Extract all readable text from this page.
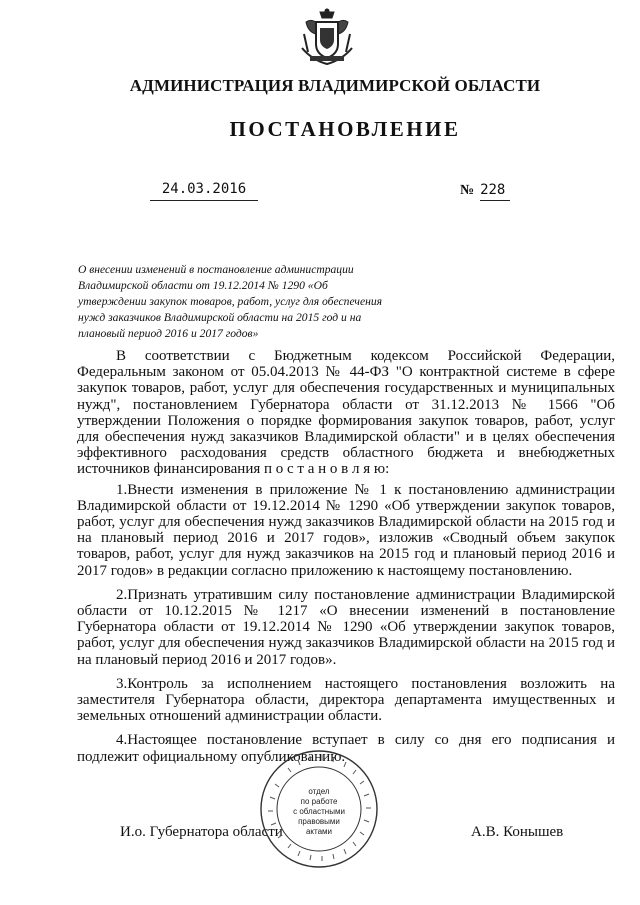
АДМИНИСТРАЦИЯ ВЛАДИМИРСКОЙ ОБЛАСТИ
ПОСТАНОВЛЕНИЕ
24.03.2016	№ 228
О внесении изменений в постановление администрации Владимирской области от 19.12.2014 № 1290 «Об утверждении закупок товаров, работ, услуг для обеспечения нужд заказчиков Владимирской области на 2015 год и на плановый период 2016 и 2017 годов»

В соответствии с Бюджетным кодексом Российской Федерации, Федеральным законом от 05.04.2013 № 44-ФЗ "О контрактной системе в сфере закупок товаров, работ, услуг для обеспечения государственных и муниципальных нужд", постановлением Губернатора области от 31.12.2013 № 1566 "Об утверждении Положения о порядке формирования закупок товаров, работ, услуг для обеспечения нужд заказчиков Владимирской области" и в целях обеспечения эффективного расходования средств областного бюджета и внебюджетных источников финансирования п о с т а н о в л я ю:

1.Внести изменения в приложение № 1 к постановлению администрации Владимирской области от 19.12.2014 № 1290 «Об утверждении закупок товаров, работ, услуг для обеспечения нужд заказчиков Владимирской области на 2015 год и на плановый период 2016 и 2017 годов», изложив «Сводный объем закупок товаров, работ, услуг для нужд заказчиков на 2015 год и плановый период 2016 и 2017 годов» в редакции согласно приложению к настоящему постановлению.

2.Признать утратившим силу постановление администрации Владимирской области от 10.12.2015 № 1217 «О внесении изменений в постановление Губернатора области от 19.12.2014 № 1290 «Об утверждении закупок товаров, работ, услуг для обеспечения нужд заказчиков Владимирской области на 2015 год и на плановый период 2016 и 2017 годов».

3.Контроль за исполнением настоящего постановления возложить на заместителя Губернатора области, директора департамента имущественных и земельных отношений администрации области.

4.Настоящее постановление вступает в силу со дня его подписания и подлежит официальному опубликованию.

И.о. Губернатора области	А.В. Конышев
отдел
по работе
с областными
правовыми
актами
